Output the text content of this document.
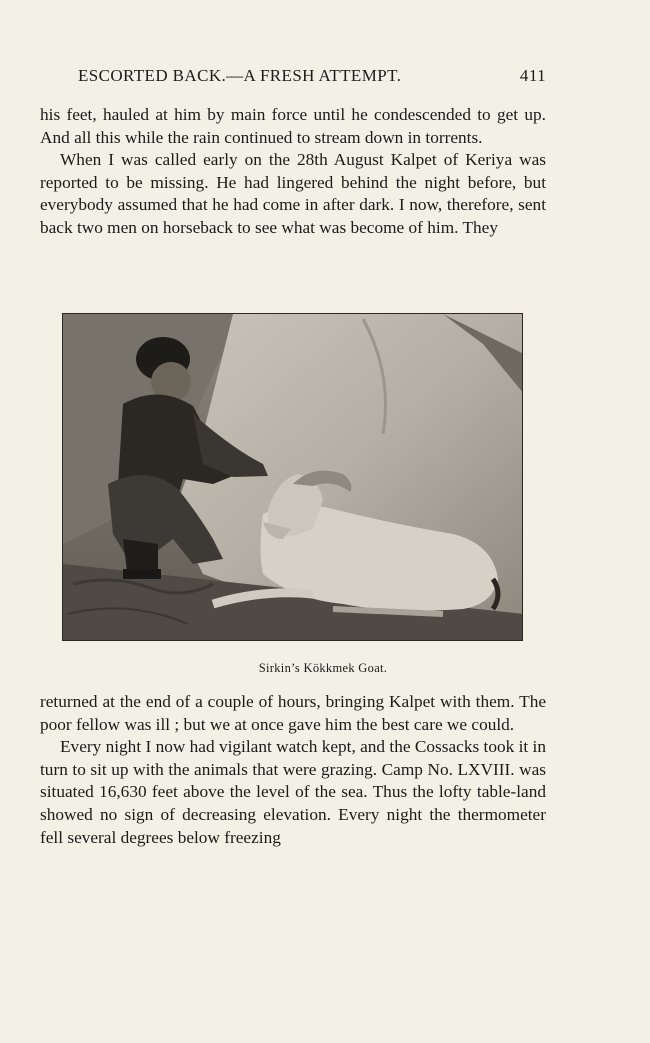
ESCORTED BACK.—A FRESH ATTEMPT.	411

his feet, hauled at him by main force until he condescended to get up. And all this while the rain continued to stream down in torrents.

When I was called early on the 28th August Kalpet of Keriya was reported to be missing. He had lingered behind the night before, but everybody assumed that he had come in after dark. I now, therefore, sent back two men on horseback to see what was become of him. They

Sirkin’s Kökkmek Goat.

returned at the end of a couple of hours, bringing Kalpet with them. The poor fellow was ill ; but we at once gave him the best care we could.

Every night I now had vigilant watch kept, and the Cossacks took it in turn to sit up with the animals that were grazing. Camp No. LXVIII. was situated 16,630 feet above the level of the sea. Thus the lofty table-land showed no sign of decreasing elevation. Every night the thermometer fell several degrees below freezing
